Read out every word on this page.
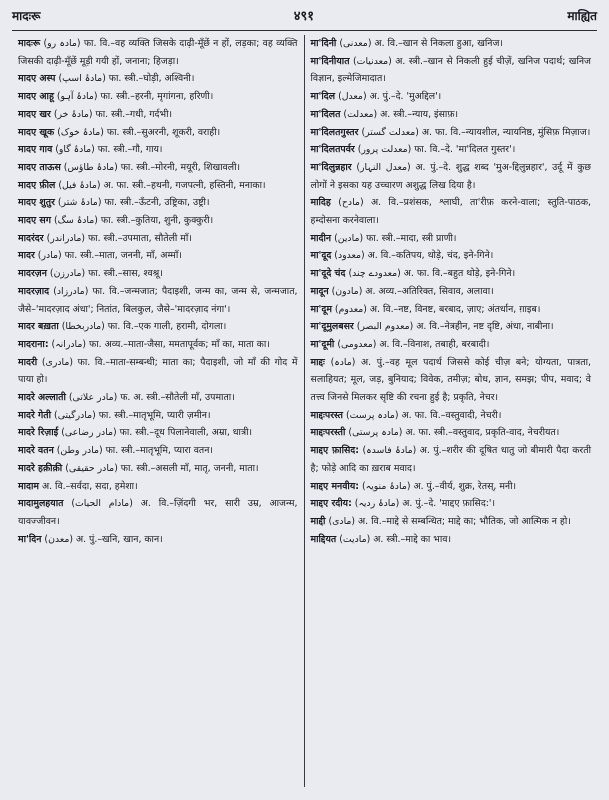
मादःरू	४९१	माह्यित

मादःरू (مادہ رو) फा. वि.–वह व्यक्ति जिसके दाढ़ी-मूँछें न हों, लड़का; वह व्यक्ति जिसकी दाढ़ी-मूँछें मूड़ी गयी हों, जनाना; हिजड़ा।

मादए अस्प (مادۂ اسپ) फा. स्त्री.–घोड़ी, अश्विनी।

मादए आहू (مادۂ آہو) फा. स्त्री.–हरनी, मृगांगना, हरिणी।

मादए खर (مادۂ خر) फा. स्त्री.–गधी, गर्दभी।

मादए खूक (مادۂ خوک) फा. स्त्री.–सुअरनी, शूकरी, वराही।

मादए गाव (مادۂ گاو) फा. स्त्री.–गौ, गाय।

मादए ताऊस (مادۂ طاؤس) फा. स्त्री.–मोरनी, मयूरी, शिखावली।

मादए फ़ील (مادۂ فیل) अ. फा. स्त्री.–हथनी, गजपत्नी, हस्तिनी, मनाका।

मादए शुतुर (مادۂ شتر) फा. स्त्री.–ऊँटनी, उष्ट्रिका, उष्ट्री।

मादए सग (مادۂ سگ) फा. स्त्री.–कुतिया, शुनी, कुक्कुरी।

मादरंदर (مادراندر) फा. स्त्री.–उपमाता, सौतेली माँ।

मादर (مادر) फा. स्त्री.–माता, जननी, माँ, अम्माँ।

मादरज़न (مادرزن) फा. स्त्री.–सास, श्वश्रू।

मादरज़ाद (مادرزاد) फा. वि.–जन्मजात; पैदाइशी, जन्म का, जन्म से, जन्मजात, जैसे–'मादरज़ाद अंधा'; नितांत, बिलकुल, जैसे–'मादरज़ाद नंगा'।

मादर बख़ता (مادربخطا) फा. वि.–एक गाली, हरामी, दोगला।

मादराना: (مادرانہ) फा. अव्य.–माता-जैसा, ममतापूर्वक; माँ का, माता का।

मादरी (مادری) फा. वि.–माता-सम्बन्धी; माता का; पैदाइशी, जो माँ की गोद में पाया हो।

मादरे अल्लाती (مادر علاتی) फ. अ. स्त्री.–सौतेली माँ, उपमाता।

मादरे गेती (مادرگیتی) फा. स्त्री.–मातृभूमि, प्यारी ज़मीन।

मादरे रिज़ाई (مادر رضاعی) फा. स्त्री.–दूध पिलानेवाली, अम्रा, धात्री।

मादरे वतन (مادر وطن) फा. स्त्री.–मातृभूमि, प्यारा वतन।

मादरे हक़ीक़ी (مادر حقیقی) फा. स्त्री.–असली माँ, मातृ, जननी, माता।

मादाम अ. वि.–सर्वदा, सदा, हमेशा।

मादामुलहयात (مادام الحیات) अ. वि.–ज़िंदगी भर, सारी उम्र, आजन्म, यावज्जीवन।

मा'दिन (معدن) अ. पुं.–खनि, खान, कान।

मा'दिनी (معدنی) अ. वि.–खान से निकला हुआ, खनिज।

मा'दिनीयात (معدنیات) अ. स्त्री.–खान से निकली हुई चीज़ें, खनिज पदार्थ; खनिज विज्ञान, इल्मेजिमादात।

मा'दिल (معدل) अ. पुं.–दे. 'मुअद्दिल'।

मा'दिलत (معدلت) अ. स्त्री.–न्याय, इंसाफ़।

मा'दिलतगुस्तर (معدلت گستر) अ. फा. वि.–न्यायशील, न्यायनिष्ठ, मुंसिफ़ मिज़ाज।

मा'दिलतपर्वर (معدلت پرور) फा. वि.–दे. 'मा'दिलत गुस्तर'।

मा'दिलुन्नहार (معدل النہار) अ. पुं.–दे. शुद्ध शब्द 'मुअ-द्दिलुन्नहार', उर्दू में कुछ लोगों ने इसका यह उच्चारण अशुद्ध लिख दिया है।

मादिह (مادح) अ. वि.–प्रशंसक, श्लाघी, ता'रीफ़ करने-वाला; स्तुति-पाठक, हम्दोसना करनेवाला।

मादीन (مادین) फा. स्त्री.–मादा, स्त्री प्राणी।

मा'दूद (معدود) अ. वि.–कतिपय, थोड़े, चंद, इने-गिने।

मा'दूदे चंद (معدودے چند) अ. फा. वि.–बहुत थोड़े, इने-गिने।

मादून (مادون) अ. अव्य.–अतिरिक्त, सिवाव, अलावा।

मा'दूम (معدوم) अ. वि.–नष्ट, विनष्ट, बरबाद, ज़ाए; अंतर्धान, ग़ाइब।

मा'दूमुलबसर (معدوم البصر) अ. वि.–नेत्रहीन, नष्ट दृष्टि, अंधा, नाबीना।

मा'दूमी (معدومی) अ. वि.–विनाश, तबाही, बरबादी।

माद्दः (مادہ) अ. पुं.–वह मूल पदार्थ जिससे कोई चीज़ बने; योग्यता, पात्रता, सलाहियत; मूल, जड़, बुनियाद; विवेक, तमीज़; बोध, ज्ञान, समझ; पीप, मवाद; वे तत्त्व जिनसे मिलकर सृष्टि की रचना हुई है; प्रकृति, नेचर।

माद्दःपरस्त (مادہ پرست) अ. फा. वि.–वस्तुवादी, नेचरी।

माद्दःपरस्ती (مادہ پرستی) अ. फा. स्त्री.–वस्तुवाद, प्रकृति-वाद, नेचरीयत।

माद्दए फ़ासिद: (مادۂ فاسدہ) अ. पुं.–शरीर की दूषित धातु जो बीमारी पैदा करती है; फोड़े आदि का ख़राब मवाद।

माद्दए मनवीय: (مادۂ منویہ) अ. पुं.–वीर्य, शुक्र, रेतस्, मनी।

माद्दए रदीय: (مادۂ ردیہ) अ. पुं.–दे. 'माद्दए फ़ासिद:'।

माद्दी (مادی) अ. वि.–माद्दे से सम्बन्धित; माद्दे का; भौतिक, जो आत्मिक न हो।

माद्दियत (مادیت) अ. स्त्री.–माद्दे का भाव।
